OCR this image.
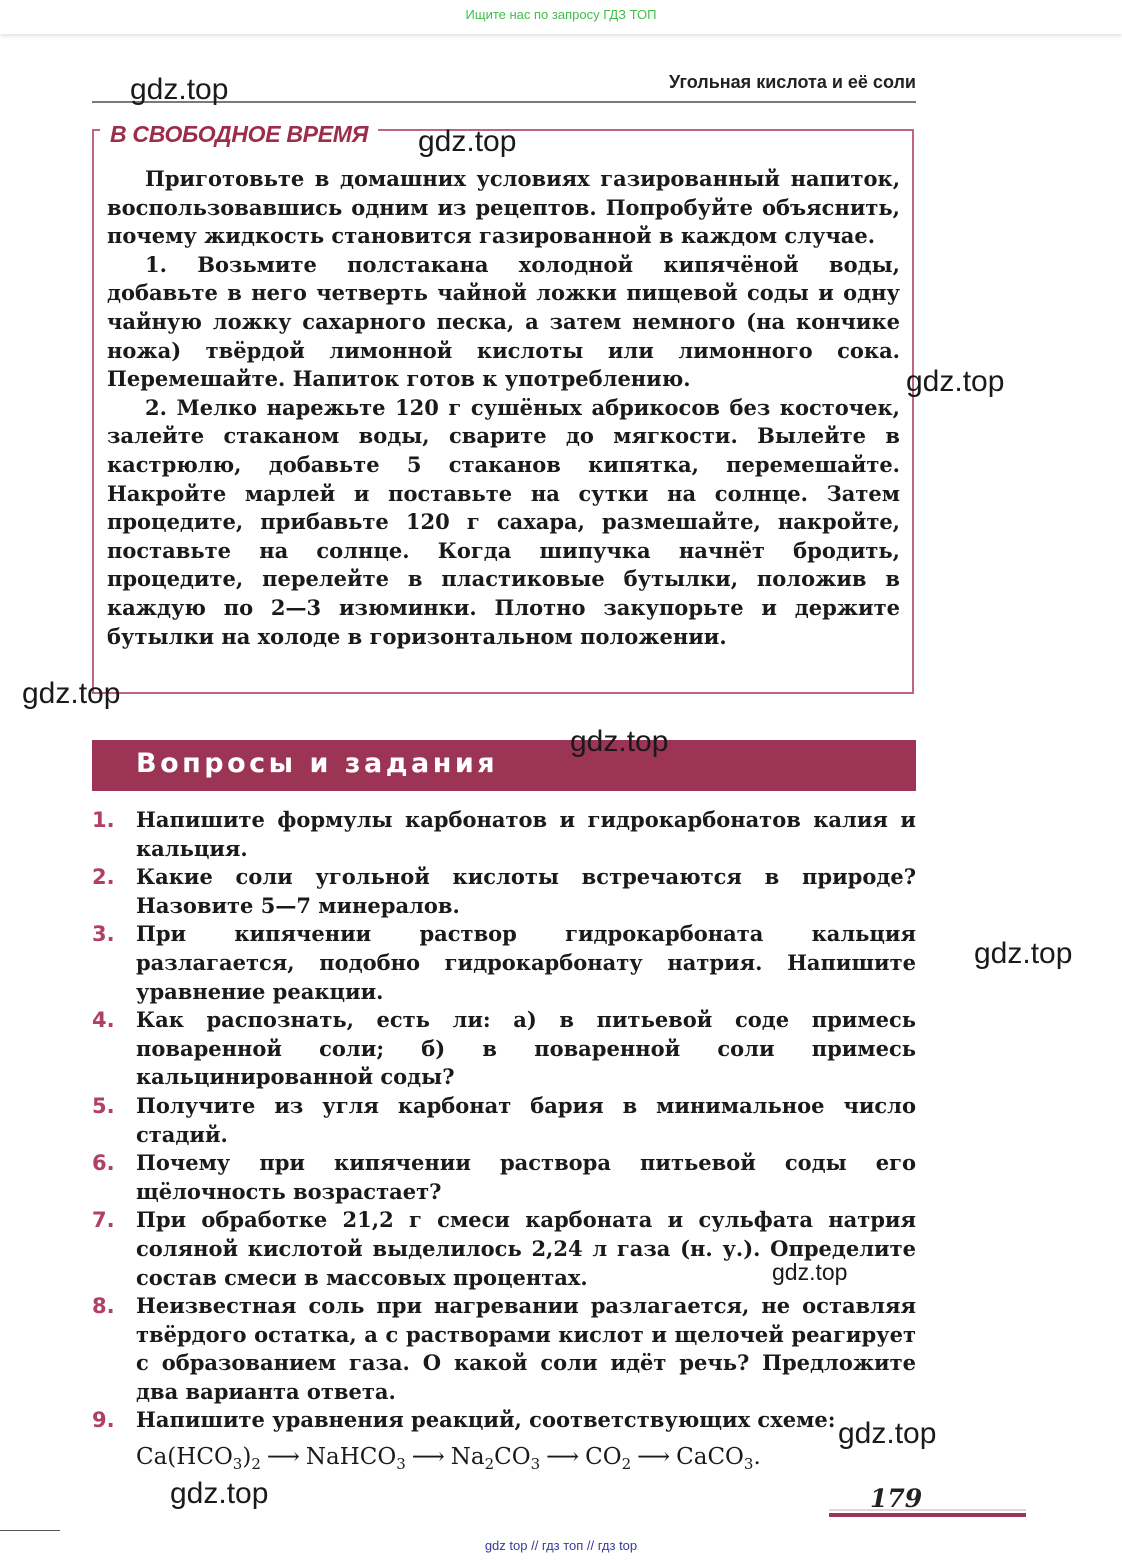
Ищите нас по запросу ГДЗ ТОП
Угольная кислота и её соли
В СВОБОДНОЕ ВРЕМЯ

Приготовьте в домашних условиях газированный напиток, воспользовавшись одним из рецептов. Попробуйте объяснить, почему жидкость становится газированной в каждом случае.

1. Возьмите полстакана холодной кипячёной воды, добавьте в него четверть чайной ложки пищевой соды и одну чайную ложку сахарного песка, а затем немного (на кончике ножа) твёрдой лимонной кислоты или лимонного сока. Перемешайте. Напиток готов к употреблению.

2. Мелко нарежьте 120 г сушёных абрикосов без косточек, залейте стаканом воды, сварите до мягкости. Вылейте в кастрюлю, добавьте 5 стаканов кипятка, перемешайте. Накройте марлей и поставьте на сутки на солнце. Затем процедите, прибавьте 120 г сахара, размешайте, накройте, поставьте на солнце. Когда шипучка начнёт бродить, процедите, перелейте в пластиковые бутылки, положив в каждую по 2—3 изюминки. Плотно закупорьте и держите бутылки на холоде в горизонтальном положении.

Вопросы и задания
1. Напишите формулы карбонатов и гидрокарбонатов калия и кальция.
2. Какие соли угольной кислоты встречаются в природе? Назовите 5—7 минералов.
3. При кипячении раствор гидрокарбоната кальция разлагается, подобно гидрокарбонату натрия. Напишите уравнение реакции.
4. Как распознать, есть ли: а) в питьевой соде примесь поваренной соли; б) в поваренной соли примесь кальцинированной соды?
5. Получите из угля карбонат бария в минимальное число стадий.
6. Почему при кипячении раствора питьевой соды его щёлочность возрастает?
7. При обработке 21,2 г смеси карбоната и сульфата натрия соляной кислотой выделилось 2,24 л газа (н. у.). Определите состав смеси в массовых процентах.
8. Неизвестная соль при нагревании разлагается, не оставляя твёрдого остатка, а с растворами кислот и щелочей реагирует с образованием газа. О какой соли идёт речь? Предложите два варианта ответа.
9. Напишите уравнения реакций, соответствующих схеме:
$Ca(HCO_3)_2$ ⟶ NaHCO$_3$ ⟶ $Na_2CO_3$ ⟶ $CO_2$ ⟶ CaCO$_3$.
179
gdz.top
gdz.top
gdz.top
gdz.top
gdz.top
gdz.top
gdz.top
gdz.top
gdz.top
gdz top // гдз топ // гдз top
